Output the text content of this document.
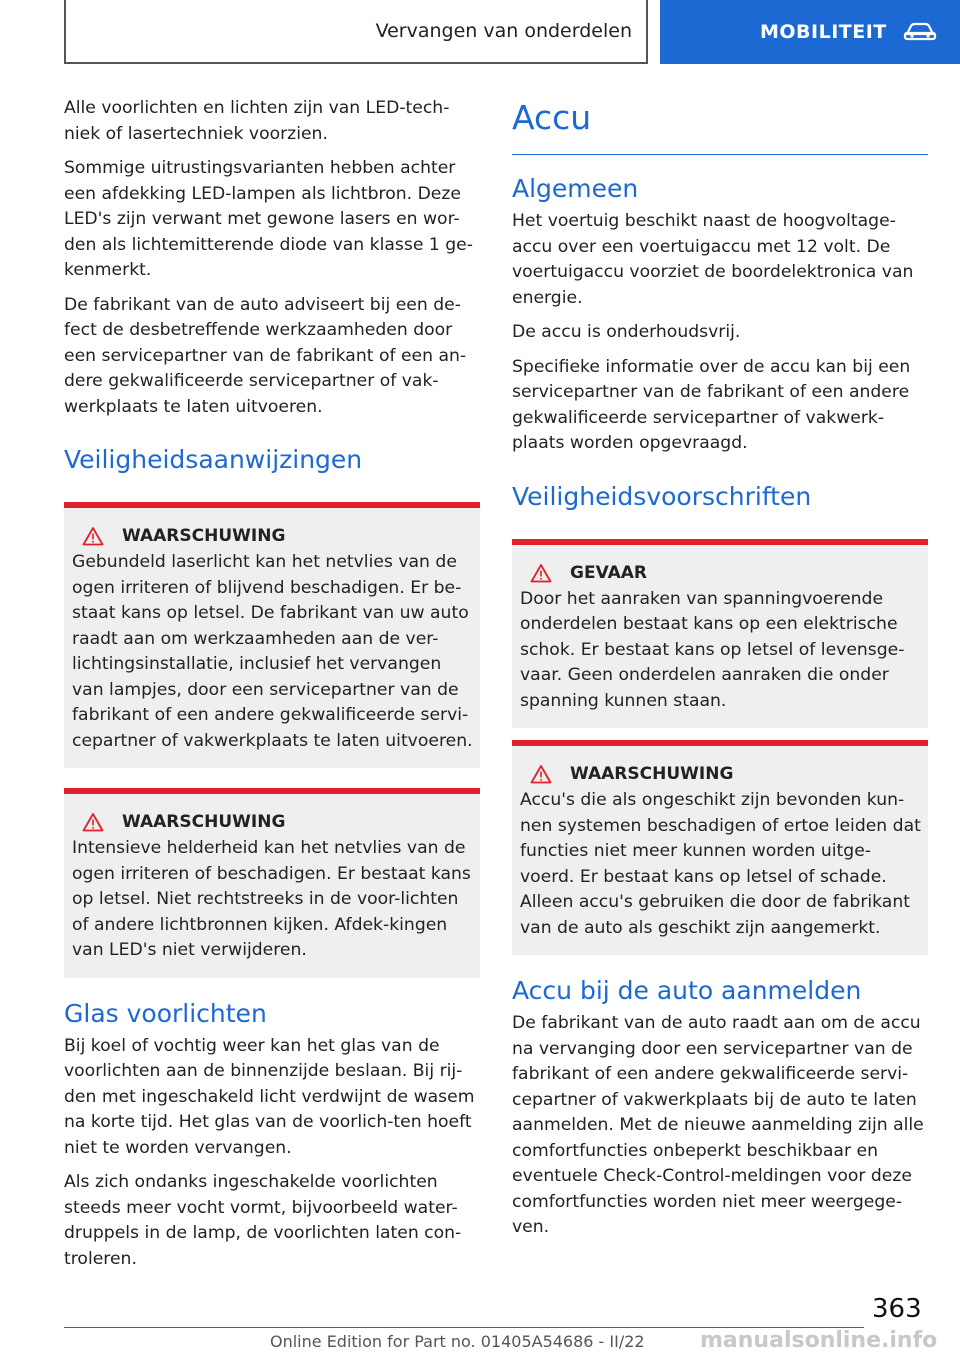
Vervangen van onderdelen	MOBILITEIT

Alle voorlichten en lichten zijn van LED-tech-niek of lasertechniek voorzien.

Sommige uitrustingsvarianten hebben achter een afdekking LED-lampen als lichtbron. Deze LED's zijn verwant met gewone lasers en wor-den als lichtemitterende diode van klasse 1 ge-kenmerkt.

De fabrikant van de auto adviseert bij een de-fect de desbetreffende werkzaamheden door een servicepartner van de fabrikant of een an-dere gekwalificeerde servicepartner of vak-werkplaats te laten uitvoeren.

Veiligheidsaanwijzingen
WAARSCHUWING

Gebundeld laserlicht kan het netvlies van de ogen irriteren of blijvend beschadigen. Er be-staat kans op letsel. De fabrikant van uw auto raadt aan om werkzaamheden aan de ver-lichtingsinstallatie, inclusief het vervangen van lampjes, door een servicepartner van de fabrikant of een andere gekwalificeerde servi-cepartner of vakwerkplaats te laten uitvoeren.

WAARSCHUWING

Intensieve helderheid kan het netvlies van de ogen irriteren of beschadigen. Er bestaat kans op letsel. Niet rechtstreeks in de voor-lichten of andere lichtbronnen kijken. Afdek-kingen van LED's niet verwijderen.

Glas voorlichten

Bij koel of vochtig weer kan het glas van de voorlichten aan de binnenzijde beslaan. Bij rij-den met ingeschakeld licht verdwijnt de wasem na korte tijd. Het glas van de voorlich-ten hoeft niet te worden vervangen.

Als zich ondanks ingeschakelde voorlichten steeds meer vocht vormt, bijvoorbeeld water-druppels in de lamp, de voorlichten laten con-troleren.

Accu
Algemeen

Het voertuig beschikt naast de hoogvoltage-accu over een voertuigaccu met 12 volt. De voertuigaccu voorziet de boordelektronica van energie.

De accu is onderhoudsvrij.

Specifieke informatie over de accu kan bij een servicepartner van de fabrikant of een andere gekwalificeerde servicepartner of vakwerk-plaats worden opgevraagd.

Veiligheidsvoorschriften
GEVAAR

Door het aanraken van spanningvoerende onderdelen bestaat kans op een elektrische schok. Er bestaat kans op letsel of levensge-vaar. Geen onderdelen aanraken die onder spanning kunnen staan.

WAARSCHUWING

Accu's die als ongeschikt zijn bevonden kun-nen systemen beschadigen of ertoe leiden dat functies niet meer kunnen worden uitge-voerd. Er bestaat kans op letsel of schade. Alleen accu's gebruiken die door de fabrikant van de auto als geschikt zijn aangemerkt.

Accu bij de auto aanmelden

De fabrikant van de auto raadt aan om de accu na vervanging door een servicepartner van de fabrikant of een andere gekwalificeerde servi-cepartner of vakwerkplaats bij de auto te laten aanmelden. Met de nieuwe aanmelding zijn alle comfortfuncties onbeperkt beschikbaar en eventuele Check-Control-meldingen voor deze comfortfuncties worden niet meer weergege-ven.

363
Online Edition for Part no. 01405A54686 - II/22	manualsonline.info
